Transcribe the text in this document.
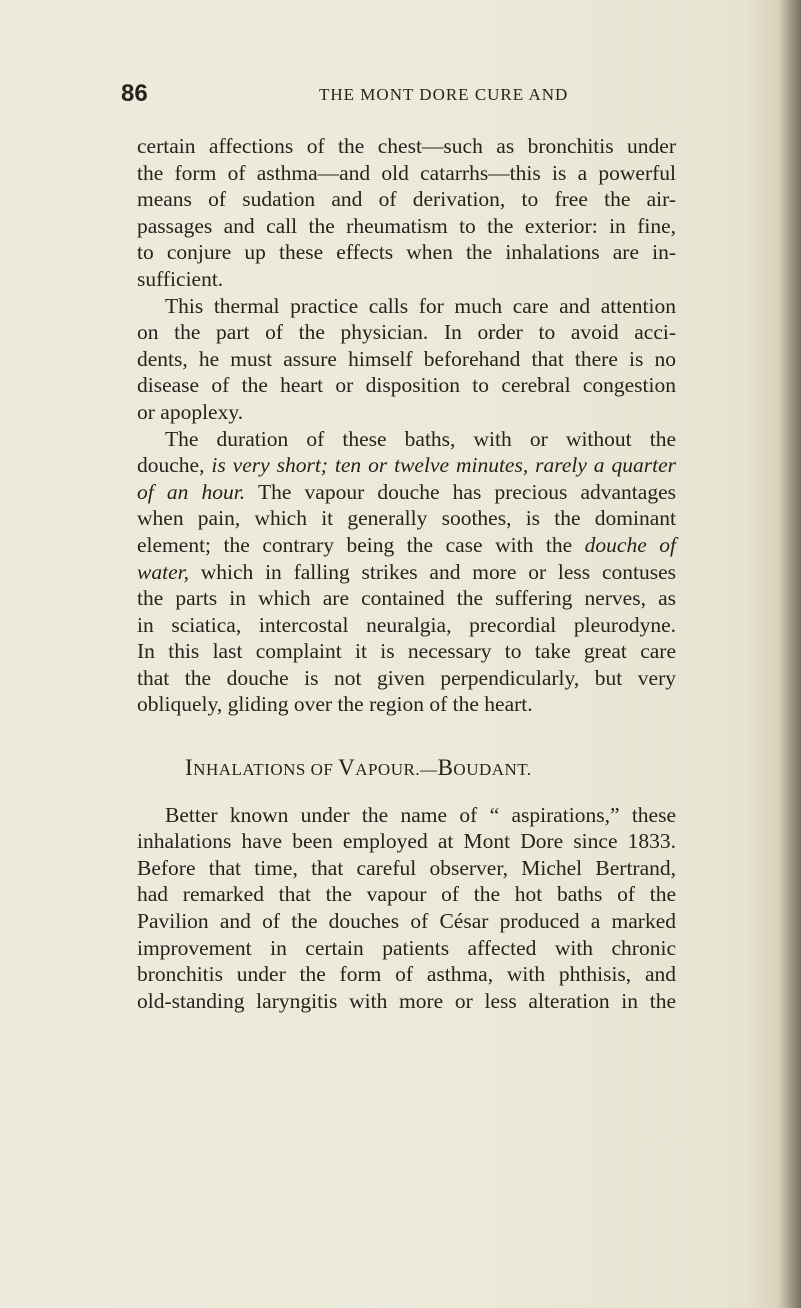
86	THE MONT DORE CURE AND
certain affections of the chest—such as bronchitis under
the form of asthma—and old catarrhs—this is a powerful
means of sudation and of derivation, to free the air-
passages and call the rheumatism to the exterior: in fine,
to conjure up these effects when the inhalations are in-
sufficient.
This thermal practice calls for much care and attention
on the part of the physician. In order to avoid acci-
dents, he must assure himself beforehand that there is no
disease of the heart or disposition to cerebral congestion
or apoplexy.
The duration of these baths, with or without the
douche, is very short; ten or twelve minutes, rarely a quarter
of an hour. The vapour douche has precious advantages
when pain, which it generally soothes, is the dominant
element; the contrary being the case with the douche of
water, which in falling strikes and more or less contuses
the parts in which are contained the suffering nerves, as
in sciatica, intercostal neuralgia, precordial pleurodyne.
In this last complaint it is necessary to take great care
that the douche is not given perpendicularly, but very
obliquely, gliding over the region of the heart.
INHALATIONS OF VAPOUR.—BOUDANT.
Better known under the name of “ aspirations,” these
inhalations have been employed at Mont Dore since 1833.
Before that time, that careful observer, Michel Bertrand,
had remarked that the vapour of the hot baths of the
Pavilion and of the douches of César produced a marked
improvement in certain patients affected with chronic
bronchitis under the form of asthma, with phthisis, and
old-standing laryngitis with more or less alteration in the
